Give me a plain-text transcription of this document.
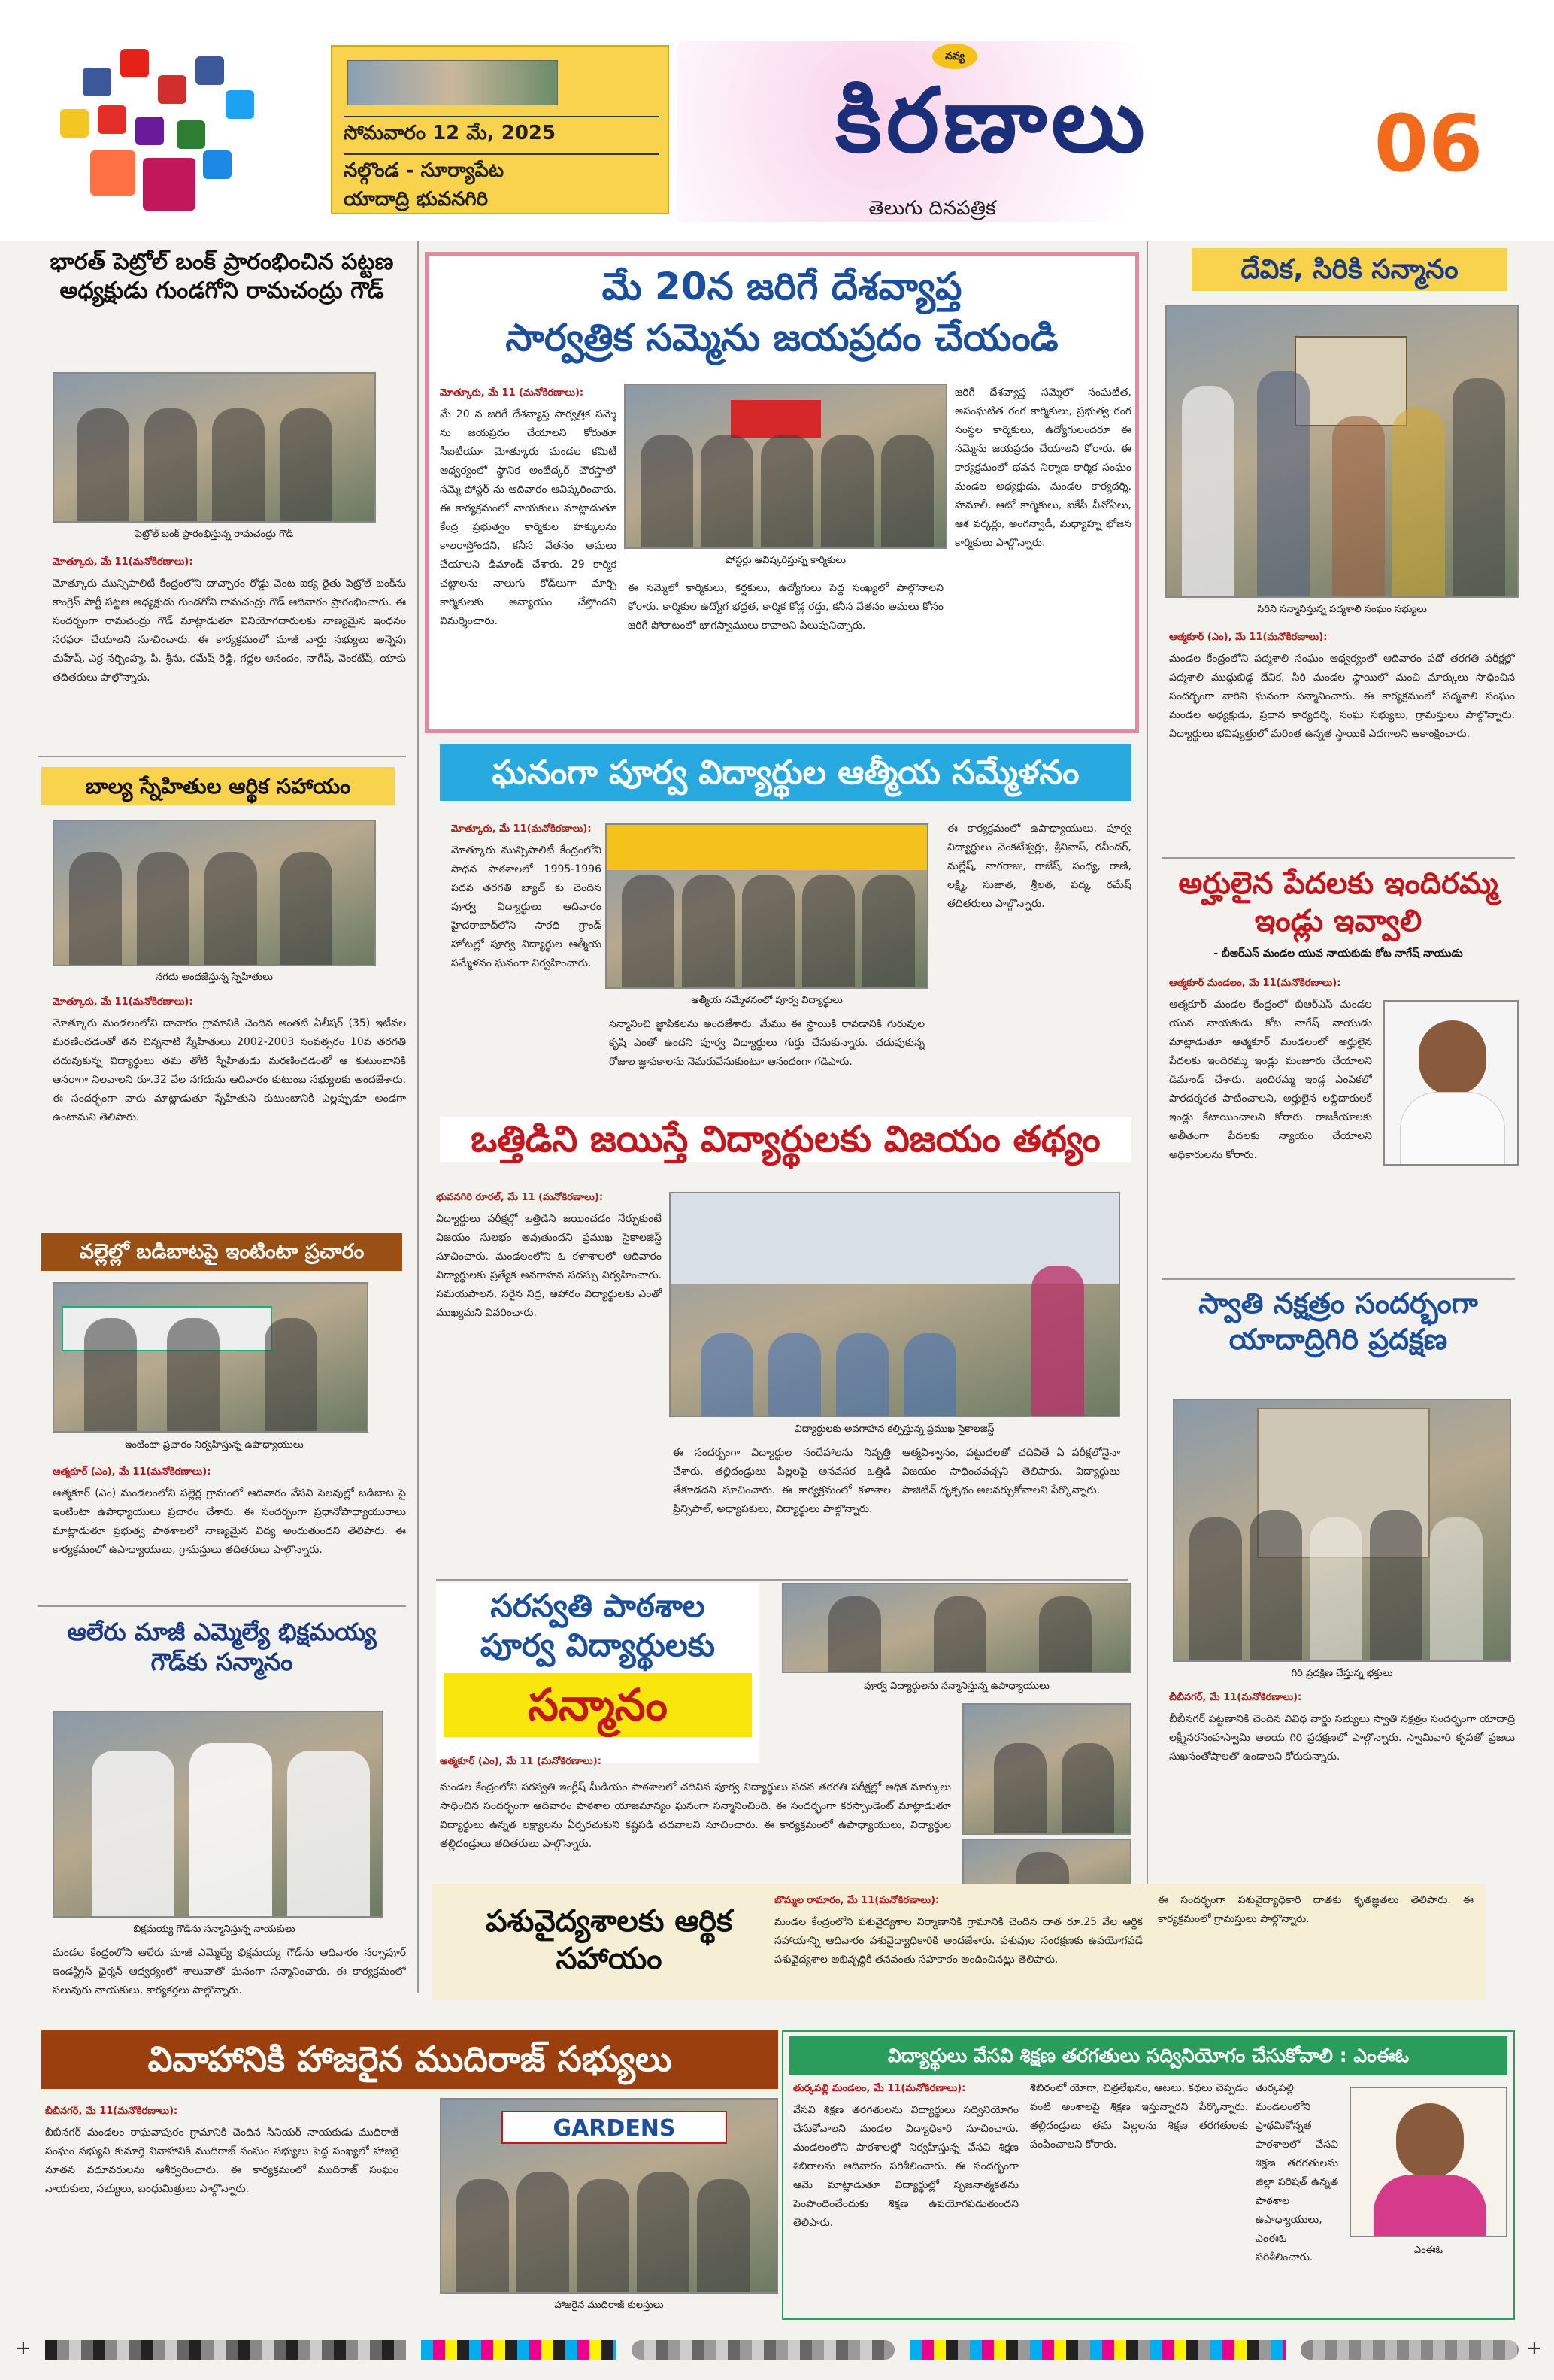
సోమవారం 12 మే, 2025
నల్గొండ - సూర్యాపేట
యాదాద్రి భువనగిరి
నవ్య
కిరణాలు
తెలుగు దినపత్రిక
06
భారత్ పెట్రోల్ బంక్ ప్రారంభించిన పట్టణ అధ్యక్షుడు గుండగోని రామచంద్రు గౌడ్
పెట్రోల్ బంక్ ప్రారంభిస్తున్న రామచంద్రు గౌడ్
మోత్కూరు, మే 11(మనోకిరణాలు):
మోత్కూరు మున్సిపాలిటీ కేంద్రంలోని దాచ్చారం రోడ్డు వెంట ఐక్య రైతు పెట్రోల్ బంక్‌ను కాంగ్రెస్ పార్టీ పట్టణ అధ్యక్షుడు గుండగోని రామచంద్రు గౌడ్ ఆదివారం ప్రారంభించారు. ఈ సందర్భంగా రామచంద్రు గౌడ్ మాట్లాడుతూ వినియోగదారులకు నాణ్యమైన ఇంధనం సరఫరా చేయాలని సూచించారు. ఈ కార్యక్రమంలో మాజీ వార్డు సభ్యులు అన్నెపు మహేష్, ఎర్ర నర్సింహ్మ, పి. శ్రీను, రమేష్ రెడ్డి, గద్దల ఆనందం, నాగేష్, వెంకటేష్, యాకు తదితరులు పాల్గొన్నారు.
బాల్య స్నేహితుల ఆర్థిక సహాయం
నగదు అందజేస్తున్న స్నేహితులు
మోత్కూరు, మే 11(మనోకిరణాలు):
మోత్కూరు మండలంలోని దాచారం గ్రామానికి చెందిన అంతటి ఏలీషర్ (35) ఇటీవల మరణించడంతో తన చిన్ననాటి స్నేహితులు 2002-2003 సంవత్సరం 10వ తరగతి చదువుకున్న విద్యార్థులు తమ తోటి స్నేహితుడు మరణించడంతో ఆ కుటుంబానికి ఆసరాగా నిలవాలని రూ.32 వేల నగదును ఆదివారం కుటుంబ సభ్యులకు అందజేశారు. ఈ సందర్భంగా వారు మాట్లాడుతూ స్నేహితుని కుటుంబానికి ఎల్లప్పుడూ అండగా ఉంటామని తెలిపారు.
వల్లెల్లో బడిబాటపై ఇంటింటా ప్రచారం
ఇంటింటా ప్రచారం నిర్వహిస్తున్న ఉపాధ్యాయులు
ఆత్మకూర్ (ఎం), మే 11(మనోకిరణాలు):
ఆత్మకూర్ (ఎం) మండలంలోని పల్లెర్ల గ్రామంలో ఆదివారం వేసవి సెలవుల్లో బడిబాట పై ఇంటింటా ఉపాధ్యాయులు ప్రచారం చేశారు. ఈ సందర్భంగా ప్రధానోపాధ్యాయురాలు మాట్లాడుతూ ప్రభుత్వ పాఠశాలలో నాణ్యమైన విద్య అందుతుందని తెలిపారు. ఈ కార్యక్రమంలో ఉపాధ్యాయులు, గ్రామస్తులు తదితరులు పాల్గొన్నారు.
ఆలేరు మాజీ ఎమ్మెల్యే భిక్షమయ్య గౌడ్‌కు సన్మానం
బిక్షమయ్య గౌడ్‌ను సన్మానిస్తున్న నాయకులు
మండల కేంద్రంలోని ఆలేరు మాజీ ఎమ్మెల్యే భిక్షమయ్య గౌడ్‌ను ఆదివారం నర్సాపూర్ ఇండస్ట్రీస్ ఛైర్మన్ ఆధ్వర్యంలో శాలువాతో ఘనంగా సన్మానించారు. ఈ కార్యక్రమంలో పలువురు నాయకులు, కార్యకర్తలు పాల్గొన్నారు.
మే 20న జరిగే దేశవ్యాప్త
సార్వత్రిక సమ్మెను జయప్రదం చేయండి
మోత్కూరు, మే 11 (మనోకిరణాలు):
మే 20 న జరిగే దేశవ్యాప్త సార్వత్రిక సమ్మె ను జయప్రదం చేయాలని కోరుతూ సీఐటీయూ మోత్కూరు మండల కమిటీ ఆధ్వర్యంలో స్థానిక అంబేద్కర్ చౌరస్తాలో సమ్మె పోస్టర్ ను ఆదివారం ఆవిష్కరించారు. ఈ కార్యక్రమంలో నాయకులు మాట్లాడుతూ కేంద్ర ప్రభుత్వం కార్మికుల హక్కులను కాలరాస్తోందని, కనీస వేతనం అమలు చేయాలని డిమాండ్ చేశారు. 29 కార్మిక చట్టాలను నాలుగు కోడ్‌లుగా మార్చి కార్మికులకు అన్యాయం చేస్తోందని విమర్శించారు.
పోస్టర్లు ఆవిష్కరిస్తున్న కార్మికులు
ఈ సమ్మెలో కార్మికులు, కర్షకులు, ఉద్యోగులు పెద్ద సంఖ్యలో పాల్గొనాలని కోరారు. కార్మికుల ఉద్యోగ భద్రత, కార్మిక కోడ్ల రద్దు, కనీస వేతనం అమలు కోసం జరిగే పోరాటంలో భాగస్వాములు కావాలని పిలుపునిచ్చారు.
జరిగే దేశవ్యాప్త సమ్మెలో సంఘటిత, అసంఘటిత రంగ కార్మికులు, ప్రభుత్వ రంగ సంస్థల కార్మికులు, ఉద్యోగులందరూ ఈ సమ్మెను జయప్రదం చేయాలని కోరారు. ఈ కార్యక్రమంలో భవన నిర్మాణ కార్మిక సంఘం మండల అధ్యక్షుడు, మండల కార్యదర్శి, హమాలీ, ఆటో కార్మికులు, ఐకేపీ వీవోఏలు, ఆశ వర్కర్లు, అంగన్వాడీ, మధ్యాహ్న భోజన కార్మికులు పాల్గొన్నారు.
ఘనంగా పూర్వ విద్యార్థుల ఆత్మీయ సమ్మేళనం
మోత్కూరు, మే 11(మనోకిరణాలు):
మోత్కూరు మున్సిపాలిటీ కేంద్రంలోని సాధన పాఠశాలలో 1995-1996 పదవ తరగతి బ్యాచ్ కు చెందిన పూర్వ విద్యార్థులు ఆదివారం హైదరాబాద్‌లోని సారథి గ్రాండ్ హోటల్లో పూర్వ విద్యార్థుల ఆత్మీయ సమ్మేళనం ఘనంగా నిర్వహించారు.
ఆత్మీయ సమ్మేళనంలో పూర్వ విద్యార్థులు
సన్మానించి జ్ఞాపికలను అందజేశారు. మేము ఈ స్థాయికి రావడానికి గురువుల కృషి ఎంతో ఉందని పూర్వ విద్యార్థులు గుర్తు చేసుకున్నారు. చదువుకున్న రోజుల జ్ఞాపకాలను నెమరువేసుకుంటూ ఆనందంగా గడిపారు.
ఈ కార్యక్రమంలో ఉపాధ్యాయులు, పూర్వ విద్యార్థులు వెంకటేశ్వర్లు, శ్రీనివాస్, రవీందర్, మల్లేష్, నాగరాజు, రాజేష్, సంధ్య, రాణి, లక్ష్మి, సుజాత, శ్రీలత, పద్మ, రమేష్ తదితరులు పాల్గొన్నారు.
ఒత్తిడిని జయిస్తే విద్యార్థులకు విజయం తథ్యం
భువనగిరి రూరల్, మే 11 (మనోకిరణాలు):
విద్యార్థులు పరీక్షల్లో ఒత్తిడిని జయించడం నేర్చుకుంటే విజయం సులభం అవుతుందని ప్రముఖ సైకాలజిస్ట్ సూచించారు. మండలంలోని ఓ కళాశాలలో ఆదివారం విద్యార్థులకు ప్రత్యేక అవగాహన సదస్సు నిర్వహించారు. సమయపాలన, సరైన నిద్ర, ఆహారం విద్యార్థులకు ఎంతో ముఖ్యమని వివరించారు.
విద్యార్థులకు అవగాహన కల్పిస్తున్న ప్రముఖ సైకాలజిస్ట్
ఈ సందర్భంగా విద్యార్థుల సందేహాలను నివృత్తి చేశారు. తల్లిదండ్రులు పిల్లలపై అనవసర ఒత్తిడి తేకూడదని సూచించారు. ఈ కార్యక్రమంలో కళాశాల ప్రిన్సిపాల్, అధ్యాపకులు, విద్యార్థులు పాల్గొన్నారు.
ఆత్మవిశ్వాసం, పట్టుదలతో చదివితే ఏ పరీక్షలోనైనా విజయం సాధించవచ్చని తెలిపారు. విద్యార్థులు పాజిటివ్ దృక్పథం అలవర్చుకోవాలని పేర్కొన్నారు.
సరస్వతి పాఠశాల
పూర్వ విద్యార్థులకు
సన్మానం
ఆత్మకూర్ (ఎం), మే 11 (మనోకిరణాలు):
పూర్వ విద్యార్థులను సన్మానిస్తున్న ఉపాధ్యాయులు
మండల కేంద్రంలోని సరస్వతి ఇంగ్లీష్ మీడియం పాఠశాలలో చదివిన పూర్వ విద్యార్థులు పదవ తరగతి పరీక్షల్లో అధిక మార్కులు సాధించిన సందర్భంగా ఆదివారం పాఠశాల యాజమాన్యం ఘనంగా సన్మానించింది. ఈ సందర్భంగా కరస్పాండెంట్ మాట్లాడుతూ విద్యార్థులు ఉన్నత లక్ష్యాలను ఏర్పరచుకుని కష్టపడి చదవాలని సూచించారు. ఈ కార్యక్రమంలో ఉపాధ్యాయులు, విద్యార్థుల తల్లిదండ్రులు తదితరులు పాల్గొన్నారు.
దేవిక, సిరికి సన్మానం
సిరిని సన్మానిస్తున్న పద్మశాలి సంఘం సభ్యులు
ఆత్మకూర్ (ఎం), మే 11(మనోకిరణాలు):
మండల కేంద్రంలోని పద్మశాలి సంఘం ఆధ్వర్యంలో ఆదివారం పదో తరగతి పరీక్షల్లో పద్మశాలి ముద్దుబిడ్డ దేవిక, సిరి మండల స్థాయిలో మంచి మార్కులు సాధించిన సందర్భంగా వారిని ఘనంగా సన్మానించారు. ఈ కార్యక్రమంలో పద్మశాలి సంఘం మండల అధ్యక్షుడు, ప్రధాన కార్యదర్శి, సంఘ సభ్యులు, గ్రామస్తులు పాల్గొన్నారు. విద్యార్థులు భవిష్యత్తులో మరింత ఉన్నత స్థాయికి ఎదగాలని ఆకాంక్షించారు.
అర్హులైన పేదలకు ఇందిరమ్మ ఇండ్లు ఇవ్వాలి
- బీఆర్ఎస్ మండల యువ నాయకుడు కోట నాగేష్ నాయుడు
ఆత్మకూర్ మండలం, మే 11(మనోకిరణాలు):
ఆత్మకూర్ మండల కేంద్రంలో బీఆర్ఎస్ మండల యువ నాయకుడు కోట నాగేష్ నాయుడు మాట్లాడుతూ ఆత్మకూర్ మండలంలో అర్హులైన పేదలకు ఇందిరమ్మ ఇండ్లు మంజూరు చేయాలని డిమాండ్ చేశారు. ఇందిరమ్మ ఇండ్ల ఎంపికలో పారదర్శకత పాటించాలని, అర్హులైన లబ్ధిదారులకే ఇండ్లు కేటాయించాలని కోరారు. రాజకీయాలకు అతీతంగా పేదలకు న్యాయం చేయాలని అధికారులను కోరారు.
స్వాతి నక్షత్రం సందర్భంగా యాదాద్రిగిరి ప్రదక్షణ
గిరి ప్రదక్షిణ చేస్తున్న భక్తులు
బీబీనగర్, మే 11(మనోకిరణాలు):
బీబీనగర్ పట్టణానికి చెందిన వివిధ వార్డు సభ్యులు స్వాతి నక్షత్రం సందర్భంగా యాదాద్రి లక్ష్మీనరసింహస్వామి ఆలయ గిరి ప్రదక్షణలో పాల్గొన్నారు. స్వామివారి కృపతో ప్రజలు సుఖసంతోషాలతో ఉండాలని కోరుకున్నారు.
పశువైద్యశాలకు ఆర్థిక సహాయం
బొమ్మల రామారం, మే 11(మనోకిరణాలు):
మండల కేంద్రంలోని పశువైద్యశాల నిర్మాణానికి గ్రామానికి చెందిన దాత రూ.25 వేల ఆర్థిక సహాయాన్ని ఆదివారం పశువైద్యాధికారికి అందజేశారు. పశువుల సంరక్షణకు ఉపయోగపడే పశువైద్యశాల అభివృద్ధికి తనవంతు సహకారం అందించినట్లు తెలిపారు.
ఈ సందర్భంగా పశువైద్యాధికారి దాతకు కృతజ్ఞతలు తెలిపారు. ఈ కార్యక్రమంలో గ్రామస్తులు పాల్గొన్నారు.
వివాహానికి హాజరైన ముదిరాజ్ సభ్యులు
బీబీనగర్, మే 11(మనోకిరణాలు):
బీబీనగర్ మండలం రాఘవాపురం గ్రామానికి చెందిన సీనియర్ నాయకుడు ముదిరాజ్ సంఘం సభ్యుని కుమార్తె వివాహానికి ముదిరాజ్ సంఘం సభ్యులు పెద్ద సంఖ్యలో హాజరై నూతన వధూవరులను ఆశీర్వదించారు. ఈ కార్యక్రమంలో ముదిరాజ్ సంఘం నాయకులు, సభ్యులు, బంధుమిత్రులు పాల్గొన్నారు.
GARDENS
హాజరైన ముదిరాజ్ కులస్తులు
విద్యార్థులు వేసవి శిక్షణ తరగతులు సద్వినియోగం చేసుకోవాలి : ఎంఈఓ
తుర్కపల్లి మండలం, మే 11(మనోకిరణాలు):
వేసవి శిక్షణ తరగతులను విద్యార్థులు సద్వినియోగం చేసుకోవాలని మండల విద్యాధికారి సూచించారు. మండలంలోని పాఠశాలల్లో నిర్వహిస్తున్న వేసవి శిక్షణ శిబిరాలను ఆదివారం పరిశీలించారు. ఈ సందర్భంగా ఆమె మాట్లాడుతూ విద్యార్థుల్లో సృజనాత్మకతను పెంపొందించేందుకు శిక్షణ ఉపయోగపడుతుందని తెలిపారు.
శిబిరంలో యోగా, చిత్రలేఖనం, ఆటలు, కథలు చెప్పడం వంటి అంశాలపై శిక్షణ ఇస్తున్నారని పేర్కొన్నారు. తల్లిదండ్రులు తమ పిల్లలను శిక్షణ తరగతులకు పంపించాలని కోరారు.
తుర్కపల్లి మండలంలోని ప్రాథమికోన్నత పాఠశాలలో వేసవి శిక్షణ తరగతులను జిల్లా పరిషత్ ఉన్నత పాఠశాల ఉపాధ్యాయులు, ఎంఈఓ పరిశీలించారు.
ఎంఈఓ
+	+
